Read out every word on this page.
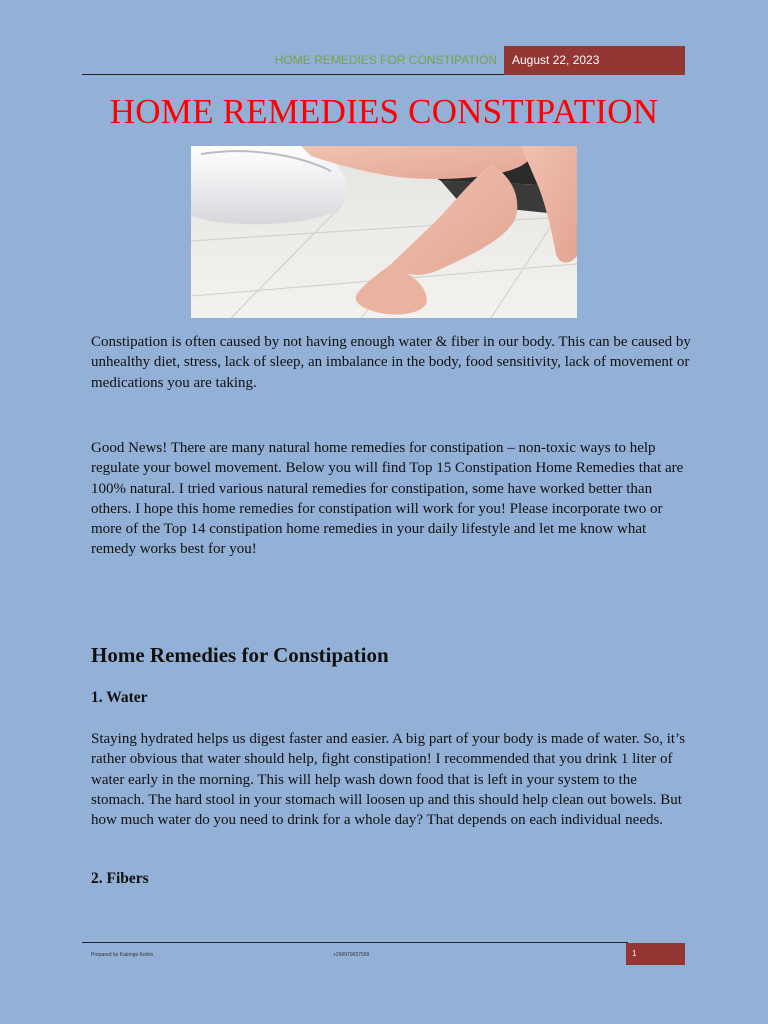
HOME REMEDIES FOR CONSTIPATION	August 22, 2023
HOME REMEDIES CONSTIPATION

Constipation is often caused by not having enough water & fiber in our body. This can be caused by unhealthy diet, stress, lack of sleep, an imbalance in the body, food sensitivity, lack of movement or medications you are taking.

Good News! There are many natural home remedies for constipation – non-toxic ways to help regulate your bowel movement. Below you will find Top 15 Constipation Home Remedies that are 100% natural. I tried various natural remedies for constipation, some have worked better than others. I hope this home remedies for constipation will work for you! Please incorporate two or more of the Top 14 constipation home remedies in your daily lifestyle and let me know what remedy works best for you!

Home Remedies for Constipation
1. Water

Staying hydrated helps us digest faster and easier. A big part of your body is made of water. So, it’s rather obvious that water should help, fight constipation! I recommended that you drink 1 liter of water early in the morning. This will help wash down food that is left in your system to the stomach. The hard stool in your stomach will loosen up and this should help clean out bowels. But how much water do you need to drink for a whole day? That depends on each individual needs.

2. Fibers
Prepared by Katongo Kelvin	+260979037599	1
